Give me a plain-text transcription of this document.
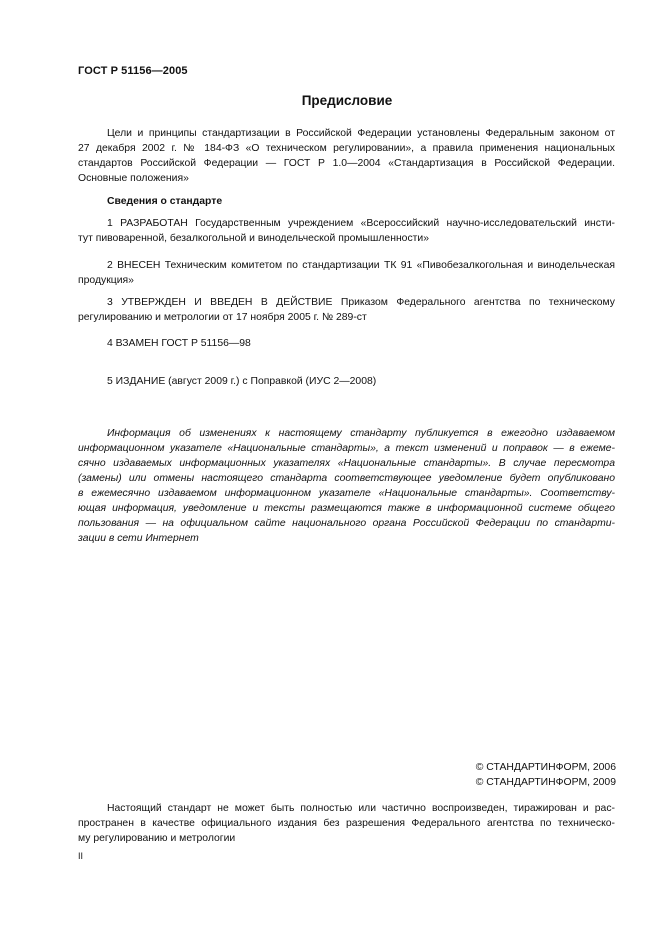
ГОСТ Р 51156—2005
Предисловие
Цели и принципы стандартизации в Российской Федерации установлены Федеральным законом от
27 декабря 2002 г. № 184-ФЗ «О техническом регулировании», а правила применения национальных
стандартов Российской Федерации — ГОСТ Р 1.0—2004 «Стандартизация в Российской Федерации.
Основные положения»
Сведения о стандарте
1 РАЗРАБОТАН Государственным учреждением «Всероссийский научно-исследовательский инсти-
тут пивоваренной, безалкогольной и винодельческой промышленности»
2 ВНЕСЕН Техническим комитетом по стандартизации ТК 91 «Пивобезалкогольная и винодельческая
продукция»
3 УТВЕРЖДЕН И ВВЕДЕН В ДЕЙСТВИЕ Приказом Федерального агентства по техническому
регулированию и метрологии от 17 ноября 2005 г. № 289-ст
4 ВЗАМЕН ГОСТ Р 51156—98
5 ИЗДАНИЕ (август 2009 г.) с Поправкой (ИУС 2—2008)
Информация об изменениях к настоящему стандарту публикуется в ежегодно издаваемом
информационном указателе «Национальные стандарты», а текст изменений и поправок — в ежеме-
сячно издаваемых информационных указателях «Национальные стандарты». В случае пересмотра
(замены) или отмены настоящего стандарта соответствующее уведомление будет опубликовано
в ежемесячно издаваемом информационном указателе «Национальные стандарты». Соответству-
ющая информация, уведомление и тексты размещаются также в информационной системе общего
пользования — на официальном сайте национального органа Российской Федерации по стандарти-
зации в сети Интернет
© СТАНДАРТИНФОРМ, 2006
© СТАНДАРТИНФОРМ, 2009
Настоящий стандарт не может быть полностью или частично воспроизведен, тиражирован и рас-
пространен в качестве официального издания без разрешения Федерального агентства по техническо-
му регулированию и метрологии
II
